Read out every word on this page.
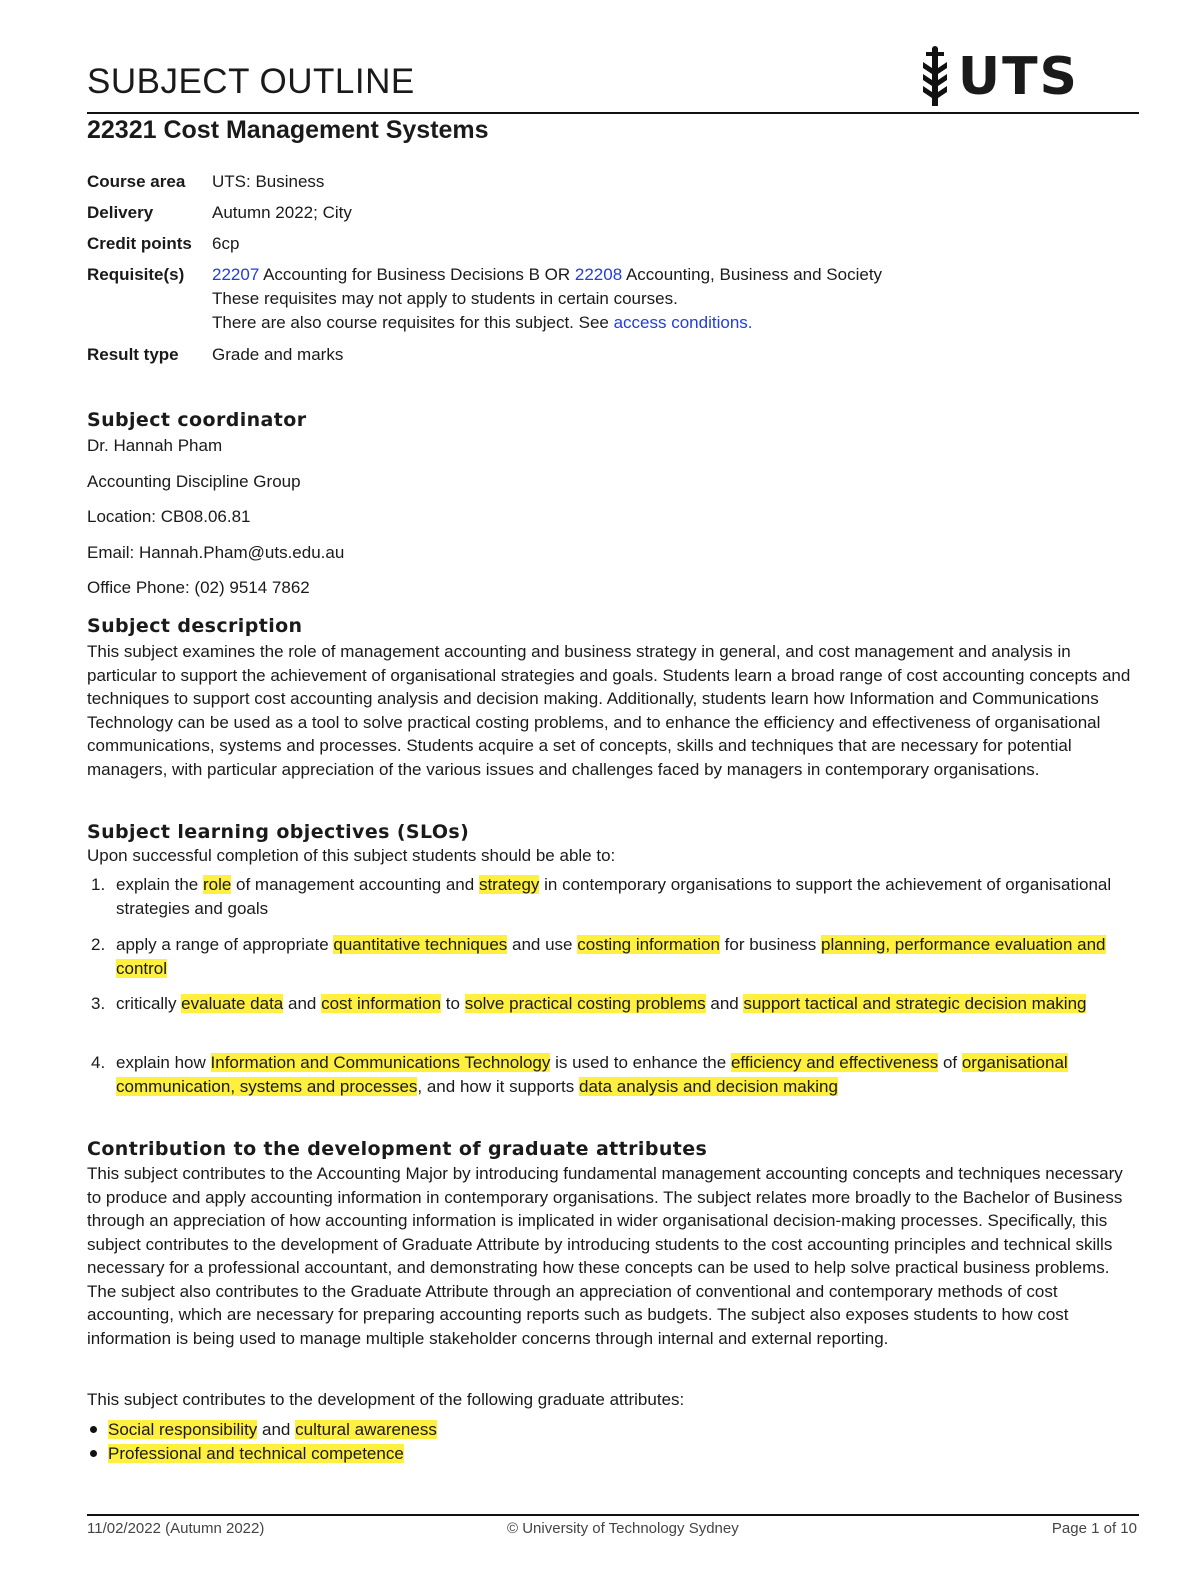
SUBJECT OUTLINE	UTS
22321 Cost Management Systems
Course area	UTS: Business
Delivery	Autumn 2022; City
Credit points	6cp
Requisite(s)	22207 Accounting for Business Decisions B OR 22208 Accounting, Business and Society
These requisites may not apply to students in certain courses.
There are also course requisites for this subject. See access conditions.
Result type	Grade and marks
Subject coordinator

Dr. Hannah Pham

Accounting Discipline Group

Location: CB08.06.81

Email: Hannah.Pham@uts.edu.au

Office Phone: (02) 9514 7862

Subject description

This subject examines the role of management accounting and business strategy in general, and cost management and analysis in particular to support the achievement of organisational strategies and goals. Students learn a broad range of cost accounting concepts and techniques to support cost accounting analysis and decision making. Additionally, students learn how Information and Communications Technology can be used as a tool to solve practical costing problems, and to enhance the efficiency and effectiveness of organisational communications, systems and processes. Students acquire a set of concepts, skills and techniques that are necessary for potential managers, with particular appreciation of the various issues and challenges faced by managers in contemporary organisations.

Subject learning objectives (SLOs)

Upon successful completion of this subject students should be able to:

1. explain the role of management accounting and strategy in contemporary organisations to support the achievement of organisational strategies and goals
2. apply a range of appropriate quantitative techniques and use costing information for business planning, performance evaluation and control
3. critically evaluate data and cost information to solve practical costing problems and support tactical and strategic decision making
4. explain how Information and Communications Technology is used to enhance the efficiency and effectiveness of organisational communication, systems and processes, and how it supports data analysis and decision making
Contribution to the development of graduate attributes

This subject contributes to the Accounting Major by introducing fundamental management accounting concepts and techniques necessary to produce and apply accounting information in contemporary organisations. The subject relates more broadly to the Bachelor of Business through an appreciation of how accounting information is implicated in wider organisational decision-making processes. Specifically, this subject contributes to the development of Graduate Attribute by introducing students to the cost accounting principles and technical skills necessary for a professional accountant, and demonstrating how these concepts can be used to help solve practical business problems. The subject also contributes to the Graduate Attribute through an appreciation of conventional and contemporary methods of cost accounting, which are necessary for preparing accounting reports such as budgets. The subject also exposes students to how cost information is being used to manage multiple stakeholder concerns through internal and external reporting.

This subject contributes to the development of the following graduate attributes:

Social responsibility and cultural awareness
Professional and technical competence
11/02/2022 (Autumn 2022)	© University of Technology Sydney	Page 1 of 10
